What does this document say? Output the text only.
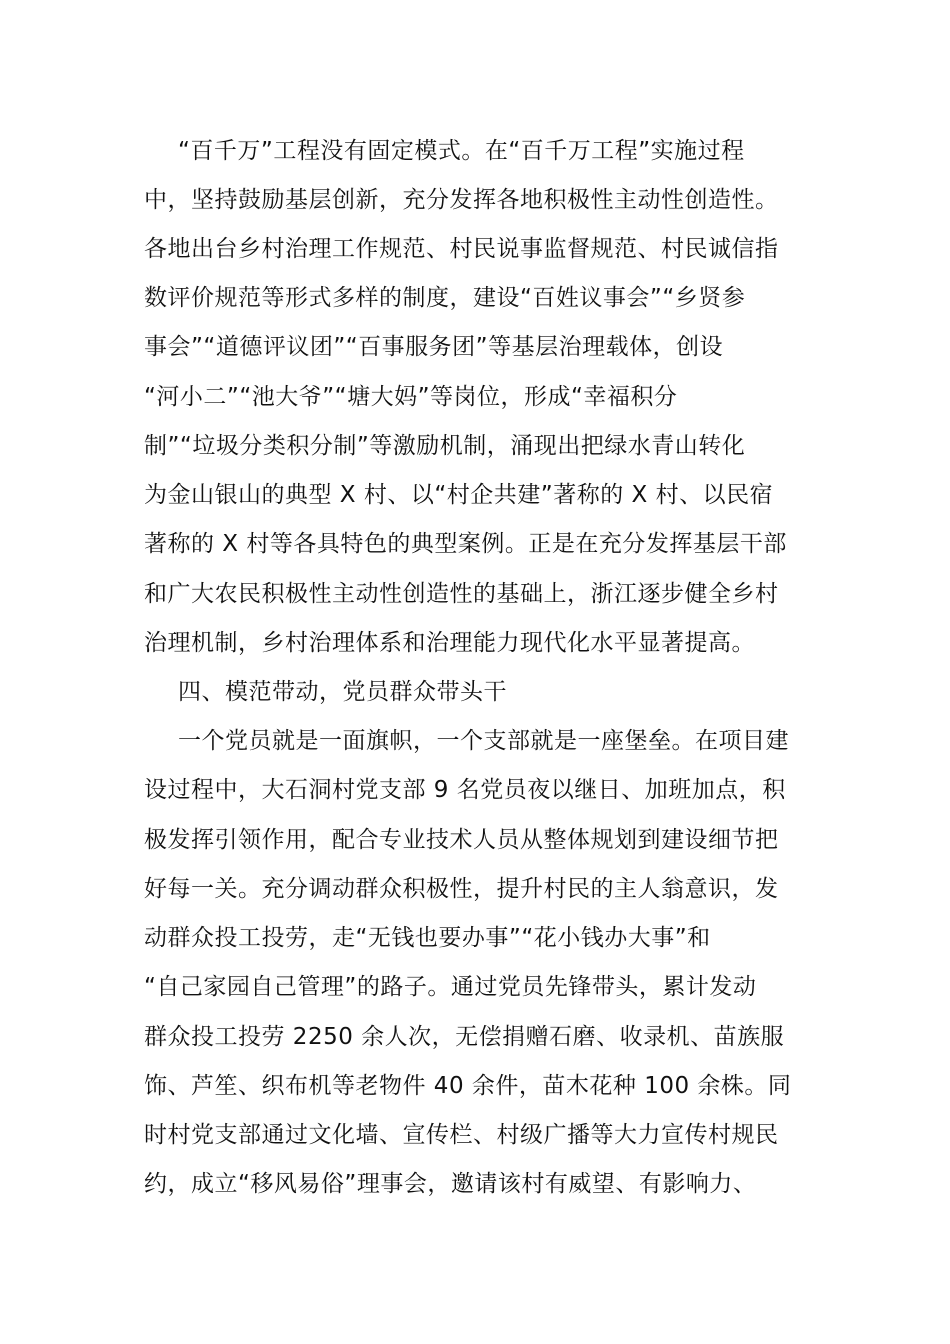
“百千万”工程没有固定模式。在“百千万工程”实施过程
中，坚持鼓励基层创新，充分发挥各地积极性主动性创造性。
各地出台乡村治理工作规范、村民说事监督规范、村民诚信指
数评价规范等形式多样的制度，建设“百姓议事会”“乡贤参
事会”“道德评议团”“百事服务团”等基层治理载体，创设
“河小二”“池大爷”“塘大妈”等岗位，形成“幸福积分
制”“垃圾分类积分制”等激励机制，涌现出把绿水青山转化
为金山银山的典型 X 村、以“村企共建”著称的 X 村、以民宿
著称的 X 村等各具特色的典型案例。正是在充分发挥基层干部
和广大农民积极性主动性创造性的基础上，浙江逐步健全乡村
治理机制，乡村治理体系和治理能力现代化水平显著提高。
四、模范带动，党员群众带头干
一个党员就是一面旗帜，一个支部就是一座堡垒。在项目建
设过程中，大石洞村党支部 9 名党员夜以继日、加班加点，积
极发挥引领作用，配合专业技术人员从整体规划到建设细节把
好每一关。充分调动群众积极性，提升村民的主人翁意识，发
动群众投工投劳，走“无钱也要办事”“花小钱办大事”和
“自己家园自己管理”的路子。通过党员先锋带头，累计发动
群众投工投劳 2250 余人次，无偿捐赠石磨、收录机、苗族服
饰、芦笙、织布机等老物件 40 余件，苗木花种 100 余株。同
时村党支部通过文化墙、宣传栏、村级广播等大力宣传村规民
约，成立“移风易俗”理事会，邀请该村有威望、有影响力、
